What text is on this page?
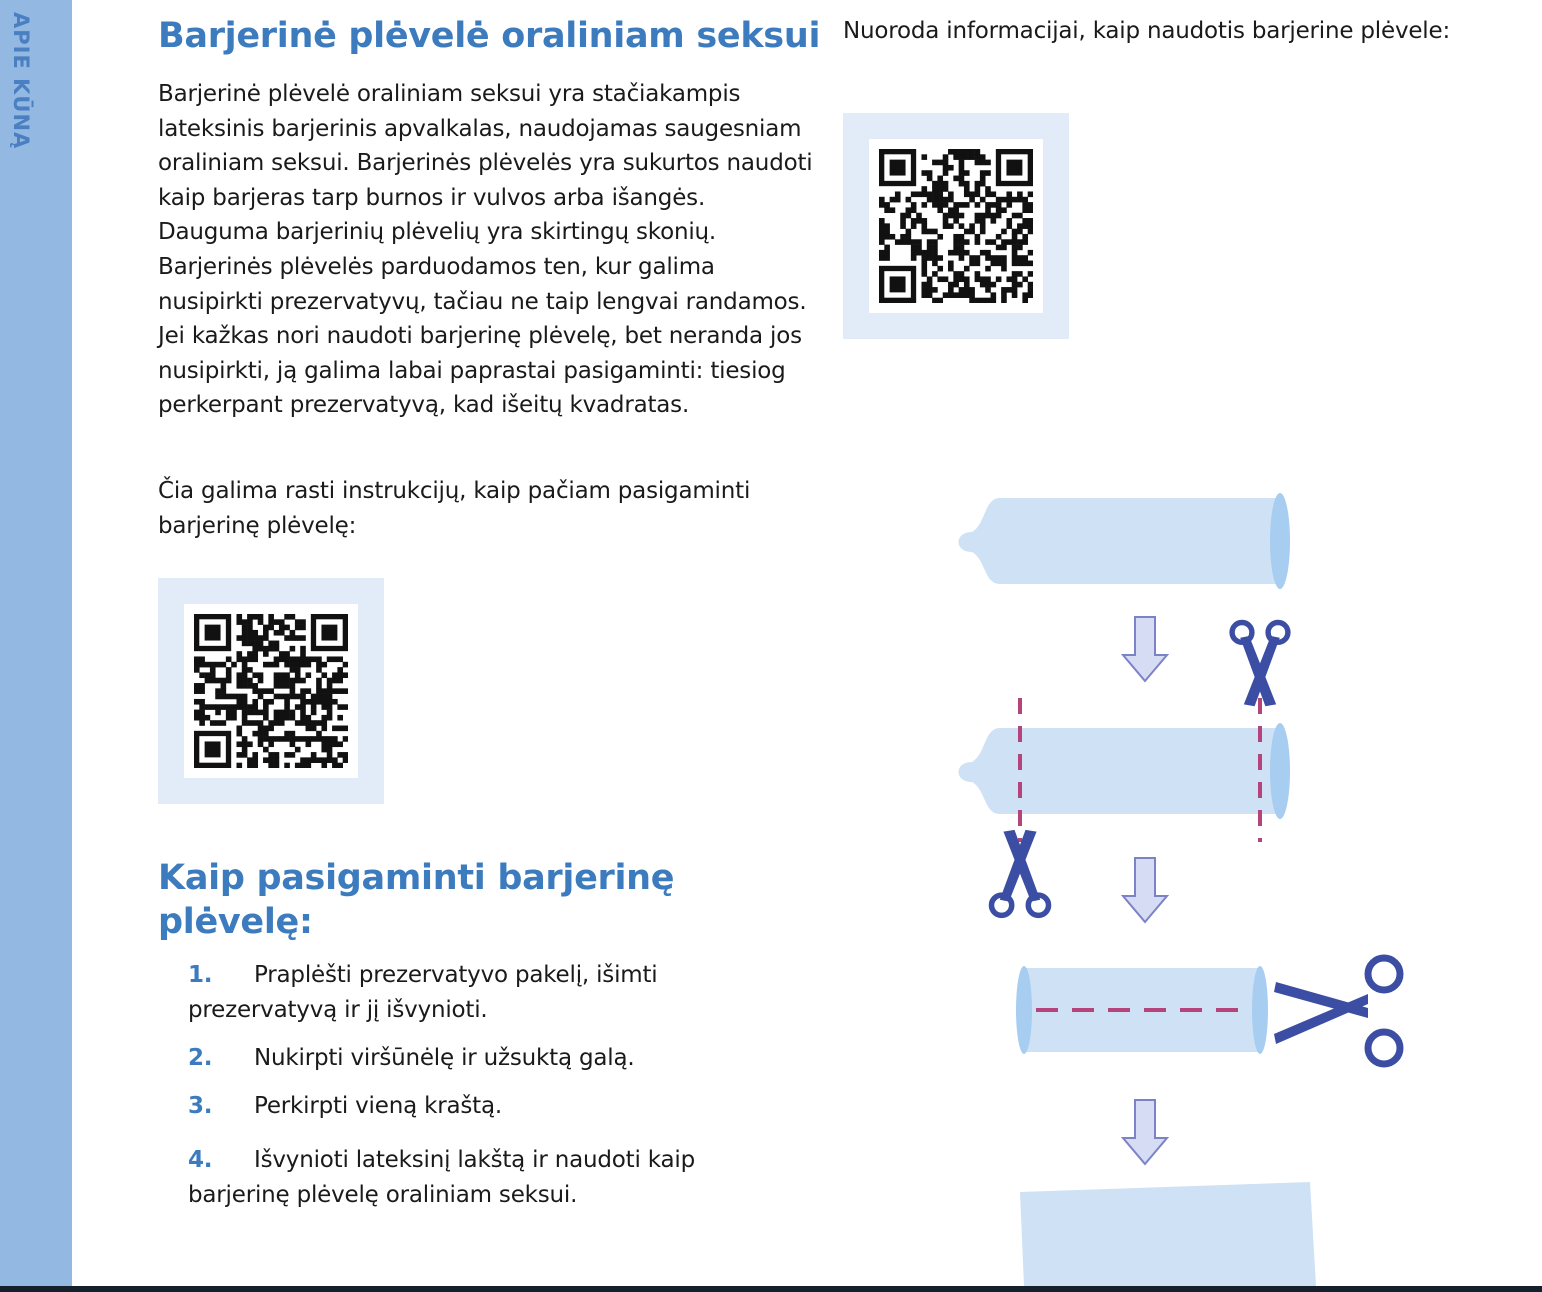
APIE KŪNĄ	Barjerinė plėvelė oraliniam seksui

Barjerinė plėvelė oraliniam seksui yra stačiakampis lateksinis barjerinis apvalkalas, naudojamas saugesniam oraliniam seksui. Barjerinės plėvelės yra sukurtos naudoti kaip barjeras tarp burnos ir vulvos arba išangės. Dauguma barjerinių plėvelių yra skirtingų skonių. Barjerinės plėvelės parduodamos ten, kur galima nusipirkti prezervatyvų, tačiau ne taip lengvai randamos. Jei kažkas nori naudoti barjerinę plėvelę, bet neranda jos nusipirkti, ją galima labai paprastai pasigaminti: tiesiog perkerpant prezervatyvą, kad išeitų kvadratas.

Čia galima rasti instrukcijų, kaip pačiam pasigaminti barjerinę plėvelę:

Nuoroda informacijai, kaip naudotis barjerine plėvele:

Kaip pasigaminti barjerinę plėvelę:
1. Praplėšti prezervatyvo pakelį, išimti prezervatyvą ir jį išvynioti.
2. Nukirpti viršūnėlę ir užsuktą galą.
3. Perkirpti vieną kraštą.
4. Išvynioti lateksinį lakštą ir naudoti kaip barjerinę plėvelę oraliniam seksui.
